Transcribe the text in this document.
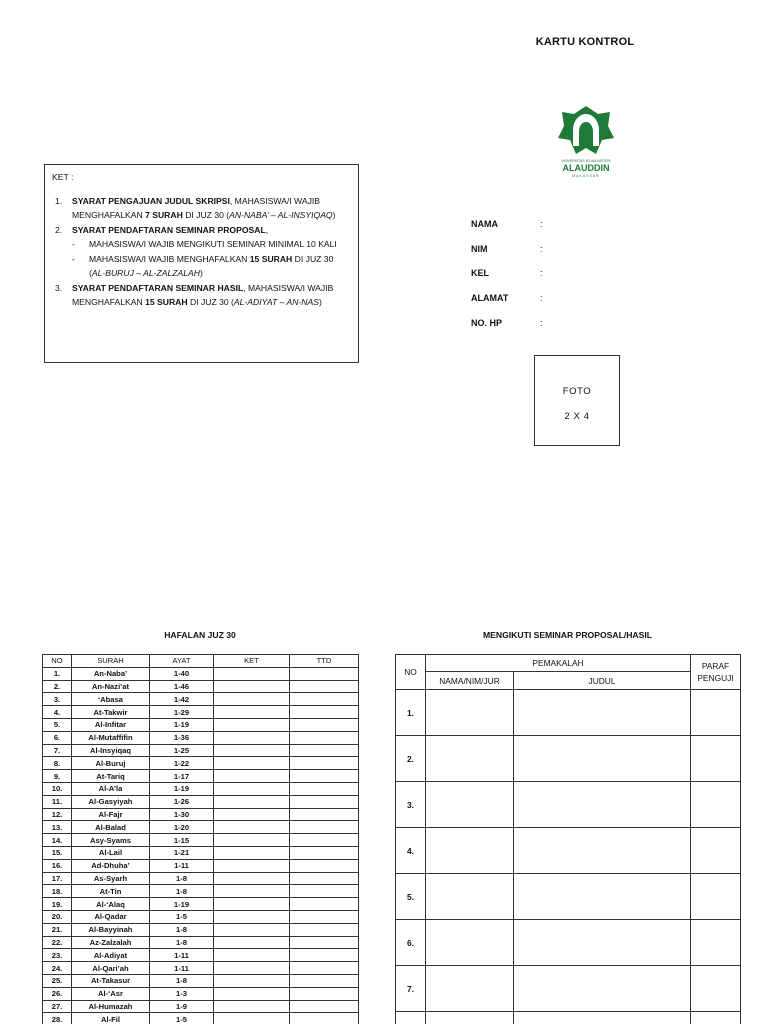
KARTU KONTROL
UNIVERSITAS ISLAM NEGERI
ALAUDDIN
MAKASSAR
KET :
1. SYARAT PENGAJUAN JUDUL SKRIPSI, MAHASISWA/I WAJIB MENGHAFALKAN 7 SURAH DI JUZ 30 (AN-NABA’ – AL-INSYIQAQ)
2. SYARAT PENDAFTARAN SEMINAR PROPOSAL,
- MAHASISWA/I WAJIB MENGIKUTI SEMINAR MINIMAL 10 KALI
- MAHASISWA/I WAJIB MENGHAFALKAN 15 SURAH DI JUZ 30 (AL-BURUJ – AL-ZALZALAH)
3. SYARAT PENDAFTARAN SEMINAR HASIL, MAHASISWA/I WAJIB MENGHAFALKAN 15 SURAH DI JUZ 30 (AL-ADIYAT – AN-NAS)
NAMA	:
NIM	:
KEL	:
ALAMAT	:
NO. HP	:
FOTO
2 X 4
HAFALAN JUZ 30	MENGIKUTI SEMINAR PROPOSAL/HASIL
NO	SURAH	AYAT	KET	TTD
1.	An-Naba’	1-40		
2.	An-Nazi’at	1-46		
3.	‘Abasa	1-42		
4.	At-Takwir	1-29		
5.	Al-Infitar	1-19		
6.	Al-Mutaffifin	1-36		
7.	Al-Insyiqaq	1-25		
8.	Al-Buruj	1-22		
9.	At-Tariq	1-17		
10.	Al-A’la	1-19		
11.	Al-Gasyiyah	1-26		
12.	Al-Fajr	1-30		
13.	Al-Balad	1-20		
14.	Asy-Syams	1-15		
15.	Al-Lail	1-21		
16.	Ad-Dhuha’	1-11		
17.	As-Syarh	1-8		
18.	At-Tin	1-8		
19.	Al-‘Alaq	1-19		
20.	Al-Qadar	1-5		
21.	Al-Bayyinah	1-8		
22.	Az-Zalzalah	1-8		
23.	Al-Adiyat	1-11		
24.	Al-Qari’ah	1-11		
25.	At-Takasur	1-8		
26.	Al-‘Asr	1-3		
27.	Al-Humazah	1-9		
28.	Al-Fil	1-5		
NO	PEMAKALAH		PARAF PENGUJI
	NAMA/NIM/JUR	JUDUL	
1.			
2.			
3.			
4.			
5.			
6.			
7.			
